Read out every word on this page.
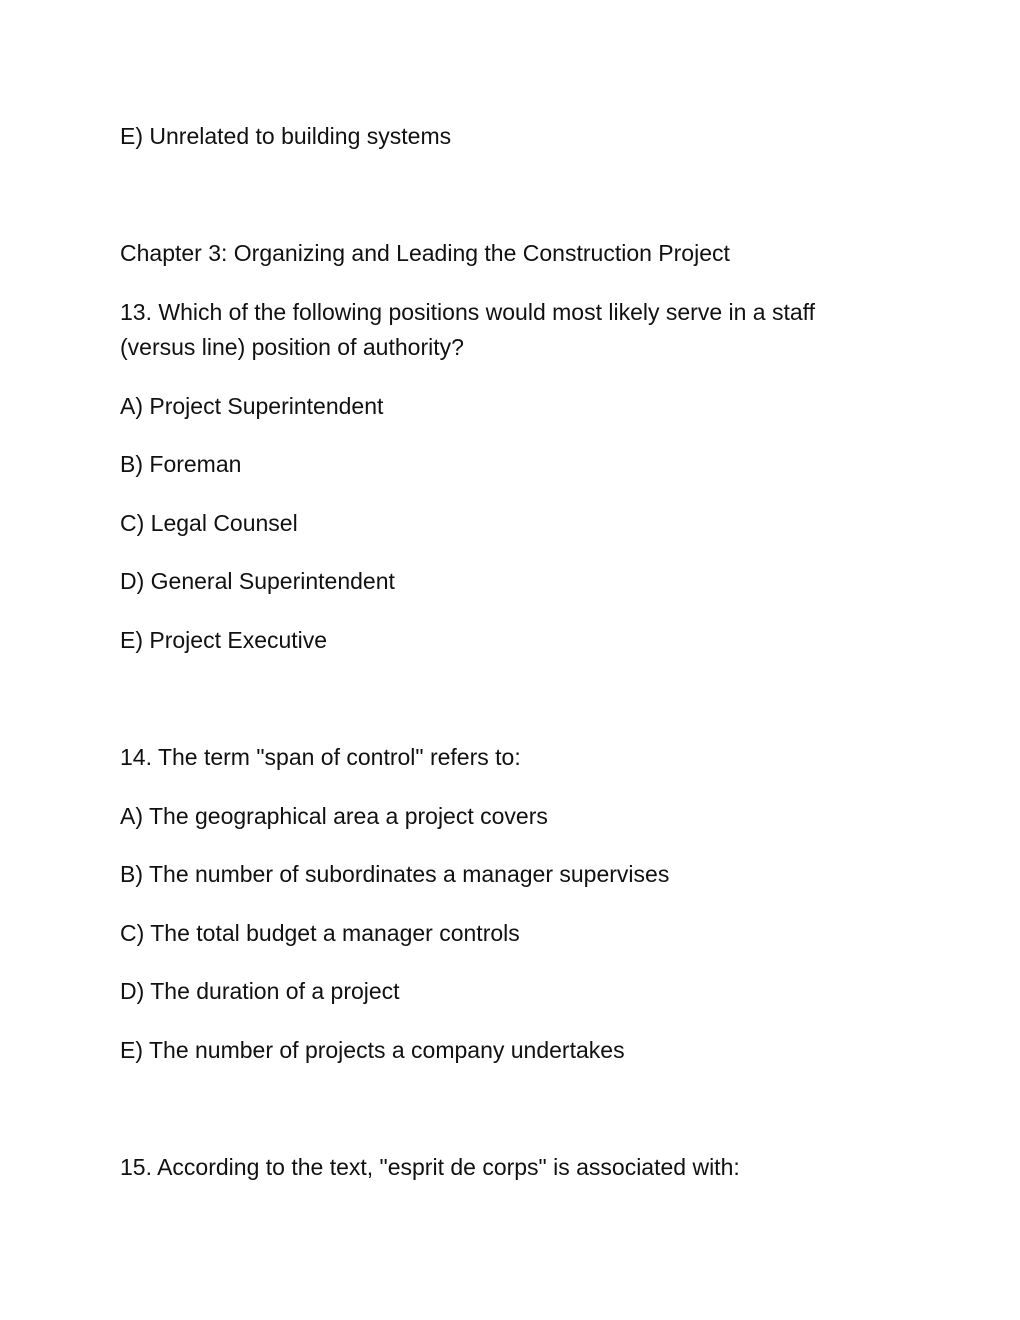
E) Unrelated to building systems
Chapter 3: Organizing and Leading the Construction Project
13. Which of the following positions would most likely serve in a staff (versus line) position of authority?
A) Project Superintendent
B) Foreman
C) Legal Counsel
D) General Superintendent
E) Project Executive
14. The term "span of control" refers to:
A) The geographical area a project covers
B) The number of subordinates a manager supervises
C) The total budget a manager controls
D) The duration of a project
E) The number of projects a company undertakes
15. According to the text, "esprit de corps" is associated with:
